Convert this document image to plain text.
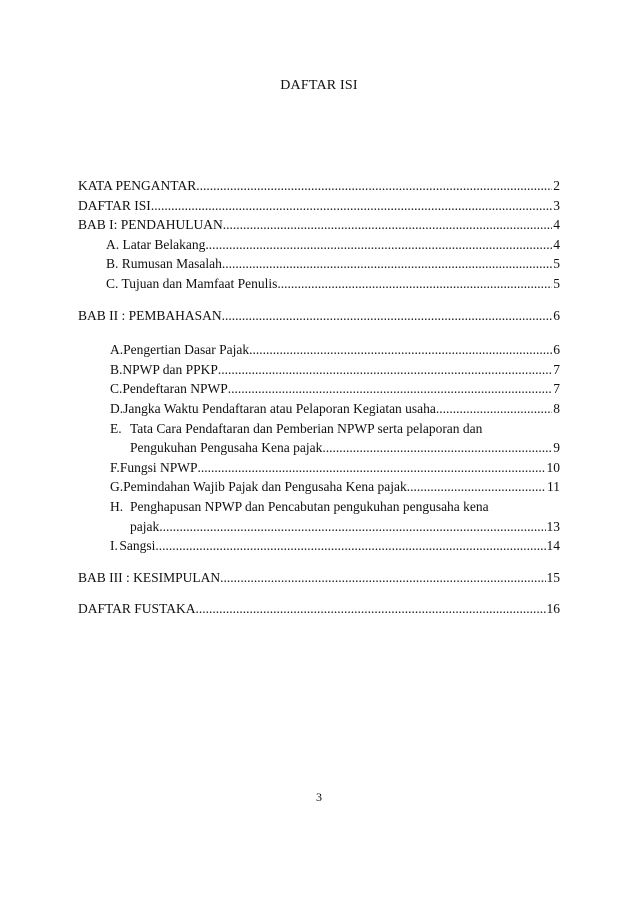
DAFTAR ISI
KATA PENGANTAR .....	2
DAFTAR ISI .....	3
BAB I: PENDAHULUAN .....	4
A. Latar Belakang .....	4
B. Rumusan Masalah .....	5
C. Tujuan dan Mamfaat Penulis .....	5
BAB II : PEMBAHASAN .....	6
A. Pengertian Dasar Pajak .....	6
B. NPWP dan PPKP .....	7
C. Pendeftaran NPWP .....	7
D. Jangka Waktu Pendaftaran atau Pelaporan Kegiatan usaha .....	8
E. Tata Cara Pendaftaran dan Pemberian NPWP serta pelaporan dan
Pengukuhan Pengusaha Kena pajak .....	9
F. Fungsi NPWP .....	10
G. Pemindahan Wajib Pajak dan Pengusaha Kena pajak .....	11
H. Penghapusan NPWP dan Pencabutan pengukuhan pengusaha kena
pajak .....	13
I. Sangsi .....	14
BAB III : KESIMPULAN .....	15
DAFTAR FUSTAKA .....	16
3
